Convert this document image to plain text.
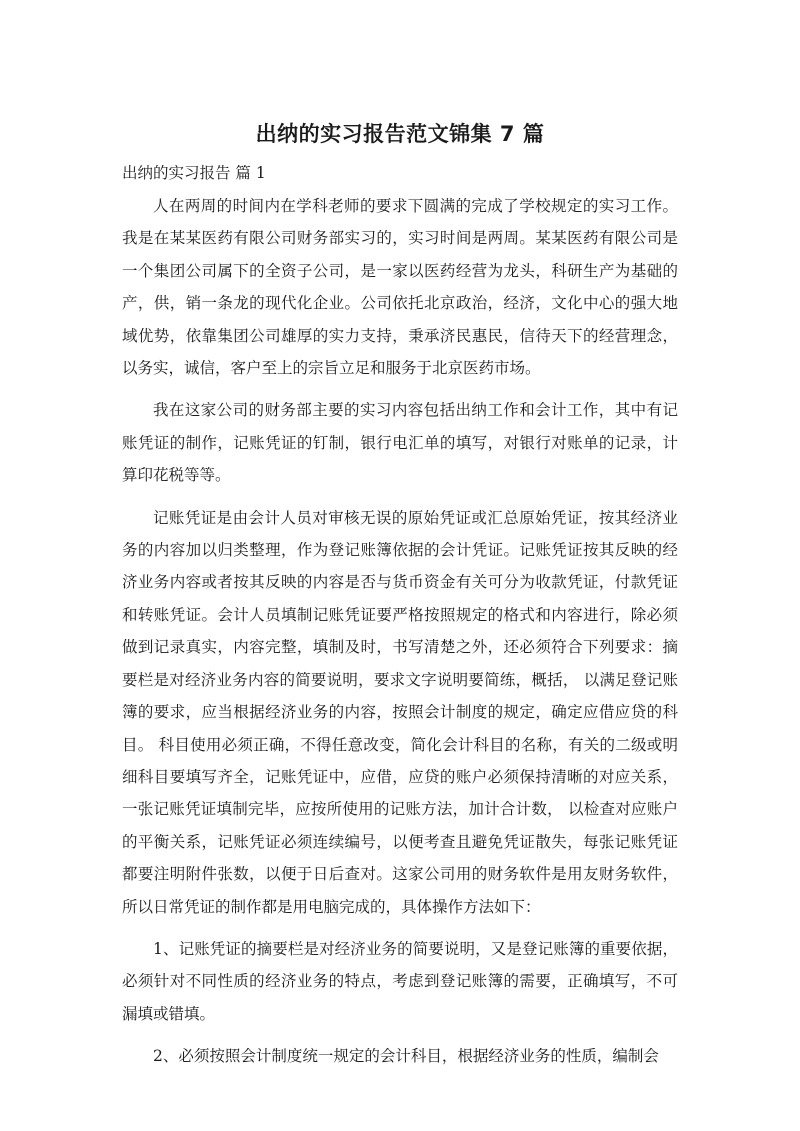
出纳的实习报告范文锦集 7 篇

出纳的实习报告 篇 1

人在两周的时间内在学科老师的要求下圆满的完成了学校规定的实习工作。我是在某某医药有限公司财务部实习的，实习时间是两周。某某医药有限公司是一个集团公司属下的全资子公司，是一家以医药经营为龙头，科研生产为基础的产，供，销一条龙的现代化企业。公司依托北京政治，经济，文化中心的强大地域优势，依靠集团公司雄厚的实力支持，秉承济民惠民，信待天下的经营理念，以务实，诚信，客户至上的宗旨立足和服务于北京医药市场。

我在这家公司的财务部主要的实习内容包括出纳工作和会计工作，其中有记账凭证的制作，记账凭证的钉制，银行电汇单的填写，对银行对账单的记录，计算印花税等等。

记账凭证是由会计人员对审核无误的原始凭证或汇总原始凭证，按其经济业务的内容加以归类整理，作为登记账簿依据的会计凭证。记账凭证按其反映的经济业务内容或者按其反映的内容是否与货币资金有关可分为收款凭证，付款凭证和转账凭证。会计人员填制记账凭证要严格按照规定的格式和内容进行，除必须做到记录真实，内容完整，填制及时，书写清楚之外，还必须符合下列要求：摘要栏是对经济业务内容的简要说明，要求文字说明要简练，概括， 以满足登记账簿的要求，应当根据经济业务的内容，按照会计制度的规定，确定应借应贷的科目。 科目使用必须正确，不得任意改变，简化会计科目的名称，有关的二级或明细科目要填写齐全，记账凭证中，应借，应贷的账户必须保持清晰的对应关系，一张记账凭证填制完毕，应按所使用的记账方法，加计合计数， 以检查对应账户的平衡关系，记账凭证必须连续编号，以便考查且避免凭证散失，每张记账凭证都要注明附件张数，以便于日后查对。这家公司用的财务软件是用友财务软件，所以日常凭证的制作都是用电脑完成的，具体操作方法如下：

1、记账凭证的摘要栏是对经济业务的简要说明，又是登记账簿的重要依据，必须针对不同性质的经济业务的特点，考虑到登记账簿的需要，正确填写，不可漏填或错填。

2、必须按照会计制度统一规定的会计科目，根据经济业务的性质，编制会
